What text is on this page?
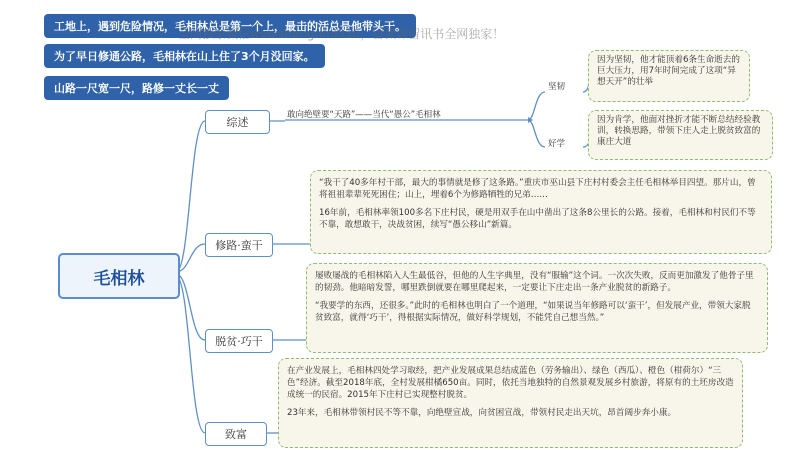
工地上，遇到危险情况，毛相林总是第一个上，最击的活总是他带头干。
全网独家微信wobishangun9910，留微课留讯书全网独家！
为了早日修通公路，毛相林在山上住了3个月没回家。
山路一尺宽一尺，路修一丈长一丈
毛相林
综述
修路·蛮干
脱贫·巧干
致富
敢向绝壁要“天路”——当代“愚公”毛相林
坚韧
好学
因为坚韧，他才能顶着6条生命逝去的巨大压力，用7年时间完成了这项“异想天开”的壮举
因为肯学，他面对挫折才能不断总结经验教训，转换思路，带领下庄人走上脱贫致富的康庄大道

“我干了40多年村干部，最大的事情就是修了这条路。”重庆市巫山县下庄村村委会主任毛相林举目四望。那片山，曾将祖祖辈辈死死困住；山上，埋着6个为修路牺牲的兄弟……

16年前，毛相林率领100多名下庄村民，硬是用双手在山中凿出了这条8公里长的公路。接着，毛相林和村民们不等不靠，敢想敢干，决战贫困，续写“愚公移山”新篇。

屡败屡战的毛相林陷入人生最低谷，但他的人生字典里，没有“服输”这个词。一次次失败，反而更加激发了他骨子里的韧劲。他暗暗发誓，哪里跌倒就要在哪里爬起来，一定要让下庄走出一条产业脱贫的新路子。

“我要学的东西，还很多。”此时的毛相林也明白了一个道理，“如果说当年修路可以‘蛮干’，但发展产业，带领大家脱贫致富，就得‘巧干’，得根据实际情况，做好科学规划，不能凭自己想当然。”

在产业发展上，毛相林四处学习取经，把产业发展成果总结成蓝色（劳务输出）、绿色（西瓜）、橙色（柑荷尔）“三色”经济。截至2018年底，全村发展柑橘650亩。同时，依托当地独特的自然景观发展乡村旅游，将原有的土坯房改造成统一的民宿。2015年下庄村已实现整村脱贫。

23年来，毛相林带领村民不等不靠，向绝壁宣战，向贫困宣战，带领村民走出天坑，昂首阔步奔小康。
